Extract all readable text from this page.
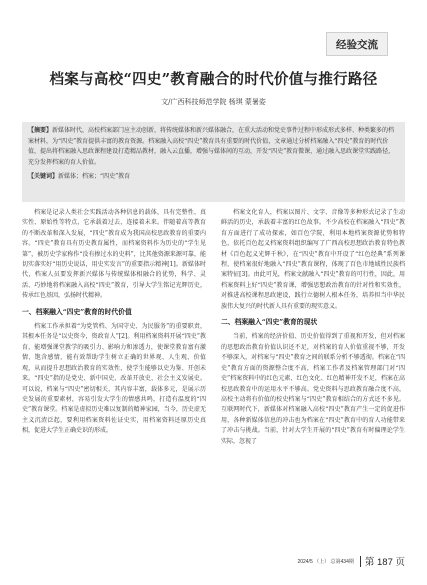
经验交流
档案与高校“四史”教育融合的时代价值与推行路径
文/广西科技师范学院 杨琪 蒙暑姿
【摘要】新媒体时代，高校档案部门应主动创新，将传统媒体和新兴媒体融合，在重大活动和党史事件过程中形成形式多样、种类繁多的档案材料，为“四史”教育提供丰富的教育资源。档案融入高校“四史”教育具有重要的时代价值，文章通过分析档案融入“四史”教育的时代价值，提出将档案融入思政课程建设打造精品教材，融入云直播，增强与媒体间的互动，开发“四史”教育微课，通过融入思政课堂实践路径，充分发挥档案的育人价值。
【关键词】新媒体；档案；“四史”教育

档案是记录人类社会实践活动各种信息的载体，具有完整性、真实性、原始性等特点，它承载着过去，连接着未来。伴随着高等教育的不断改革和深入发展，“四史”教育成为我国高校思政教育的重要内容。“四史”教育具有历史教育属性，而档案资料作为历史的“学生见第”，被历史学家称作“没有掺过水的史料”，比其他资源来源可靠，能切实落实好“用历史说话，用史实发言”的重要指示精神[1]。新媒体时代，档案人员要发挥新兴媒体与传统媒体相融合的优势，科学、灵活、巧妙地将档案融入高校“四史”教育，引导大学生铭记光辉历史，传承红色基因，弘扬时代精神。

一、档案融入“四史”教育的时代价值

档案工作承担着“为党管档、为国守史、为民服务”的重要职责，其根本任务是“以史资今，资政育人”[2]。利用档案资料开展“四史”教育，能增强课堂教学的吸引力、影响力和渗透力，使课堂教育富有激情、饱含感情，能有效帮助学生树立正确的世界观、人生观、价值观，从而提升思想政治教育的实效性，使学生能够以史为鉴、开创未来。“四史”指的是党史、新中国史、改革开放史、社会主义发展史。可以说，档案与“四史”密切相关，其内容丰富，载体多元，是展示历史发展的重要素材，容易引发大学生的情感共鸣，打造有温度的“四史”教育课堂。档案是虚拟历史难以复制的精神家园，当今，历史虚无主义沉渣泛起，要利用档案资料佐证史实，用档案资料还原历史真相，促进大学生正确史识的形成。

档案文化育人，档案以图片、文字、音像等多种形式记录了生动鲜活的历史，承载着丰富的红色故事。不少高校在档案融入“四史”教育方面进行了成功探索，如百色学院，利用本地档案资源优势和特色，依托百色起义档案资料组织编写了广西高校思想政治教育特色教材《百色起义光辉千秋》，在“四史”教育中开设了“红色经典”系列课程，使档案很好地融入“四史”教育课程，体现了百色市地域性民族档案特征[3]。由此可见，档案文献融入“四史”教育的可行性，因此，用档案资料上好“四史”教育课，增强思想政治教育的针对性和实效性，对推进高校课程思政建设，践行立德树人根本任务，培养担当中华民族伟大复兴的时代新人具有重要的现实意义。

二、档案融入“四史”教育的现状

当前，档案的经济价值、历史价值得到了重视和开发，但对档案的思想政治教育价值认识还不足，对档案的育人价值重视不够，开发不够深入，对档案与“四史”教育之间的联系分析不够透彻。档案在“四史”教育方面的资源整合度不高，档案工作者及档案管理部门对“四史”档案资料中的红色元素、红色文化、红色精神开发不足，档案在高校思政教育中的运用水平不够高。党史资料与思政教育融合度不高，高校主动将有价值的校史档案与“四史”教育相结合的方式还不多见。互联网时代下，新媒体对档案融入高校“四史”教育产生一定的促进作用，各种新媒体信息的冲击也为档案在“四史”教育中的育人功能带来了冲击与挑战。当前，针对大学生开展的“四史”教育有时偏理论学生实际，忽视了

2024/5 （上） 总第434期 第 187 页
